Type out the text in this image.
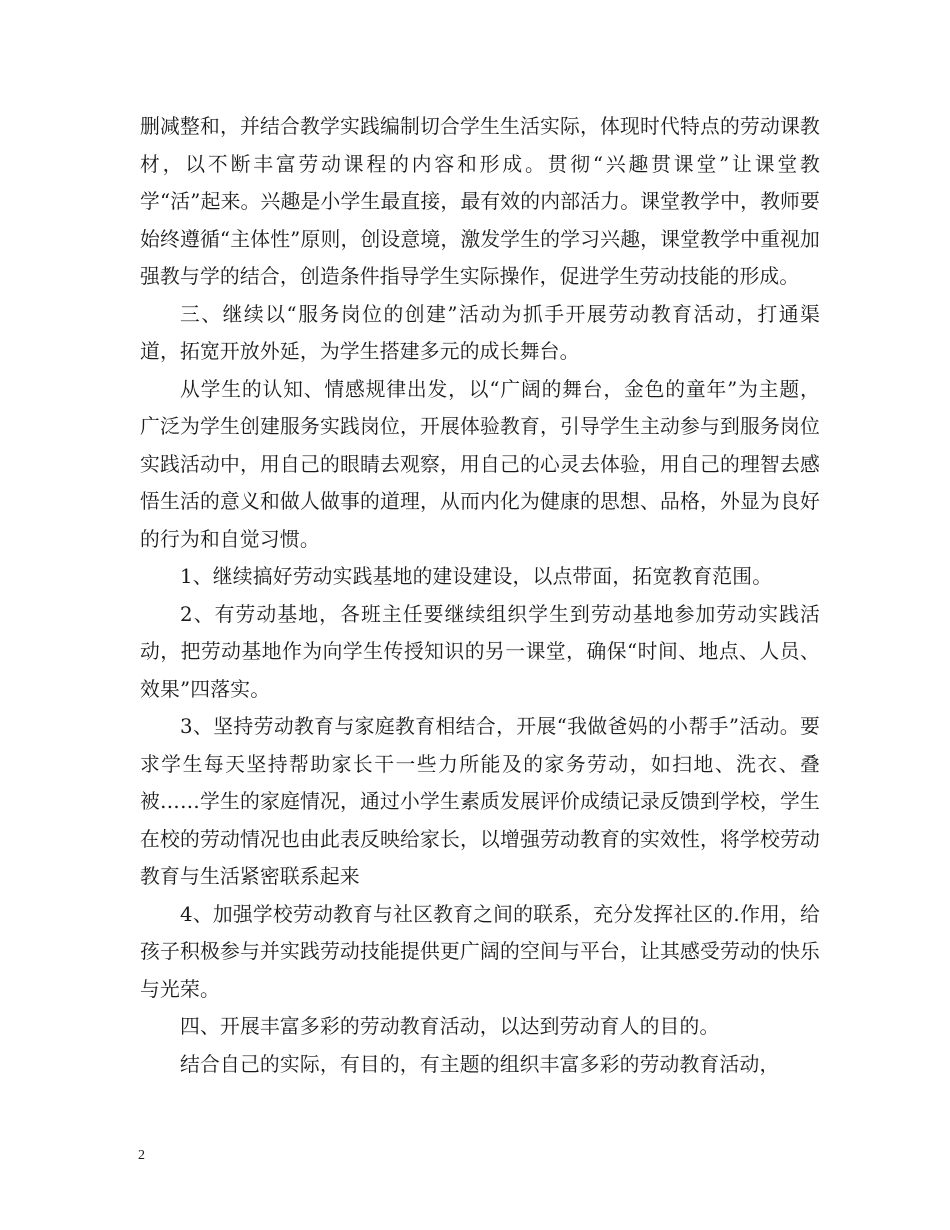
删减整和，并结合教学实践编制切合学生生活实际，体现时代特点的劳动课教材，以不断丰富劳动课程的内容和形成。贯彻“兴趣贯课堂”让课堂教学“活”起来。兴趣是小学生最直接，最有效的内部活力。课堂教学中，教师要始终遵循“主体性”原则，创设意境，激发学生的学习兴趣，课堂教学中重视加强教与学的结合，创造条件指导学生实际操作，促进学生劳动技能的形成。

三、继续以“服务岗位的创建”活动为抓手开展劳动教育活动，打通渠道，拓宽开放外延，为学生搭建多元的成长舞台。

从学生的认知、情感规律出发，以“广阔的舞台，金色的童年”为主题，广泛为学生创建服务实践岗位，开展体验教育，引导学生主动参与到服务岗位实践活动中，用自己的眼睛去观察，用自己的心灵去体验，用自己的理智去感悟生活的意义和做人做事的道理，从而内化为健康的思想、品格，外显为良好的行为和自觉习惯。

1、继续搞好劳动实践基地的建设建设，以点带面，拓宽教育范围。

2、有劳动基地，各班主任要继续组织学生到劳动基地参加劳动实践活动，把劳动基地作为向学生传授知识的另一课堂，确保“时间、地点、人员、效果”四落实。

3、坚持劳动教育与家庭教育相结合，开展“我做爸妈的小帮手”活动。要求学生每天坚持帮助家长干一些力所能及的家务劳动，如扫地、洗衣、叠被……学生的家庭情况，通过小学生素质发展评价成绩记录反馈到学校，学生在校的劳动情况也由此表反映给家长，以增强劳动教育的实效性，将学校劳动教育与生活紧密联系起来

4、加强学校劳动教育与社区教育之间的联系，充分发挥社区的.作用，给孩子积极参与并实践劳动技能提供更广阔的空间与平台，让其感受劳动的快乐与光荣。

四、开展丰富多彩的劳动教育活动，以达到劳动育人的目的。

结合自己的实际，有目的，有主题的组织丰富多彩的劳动教育活动，

2
